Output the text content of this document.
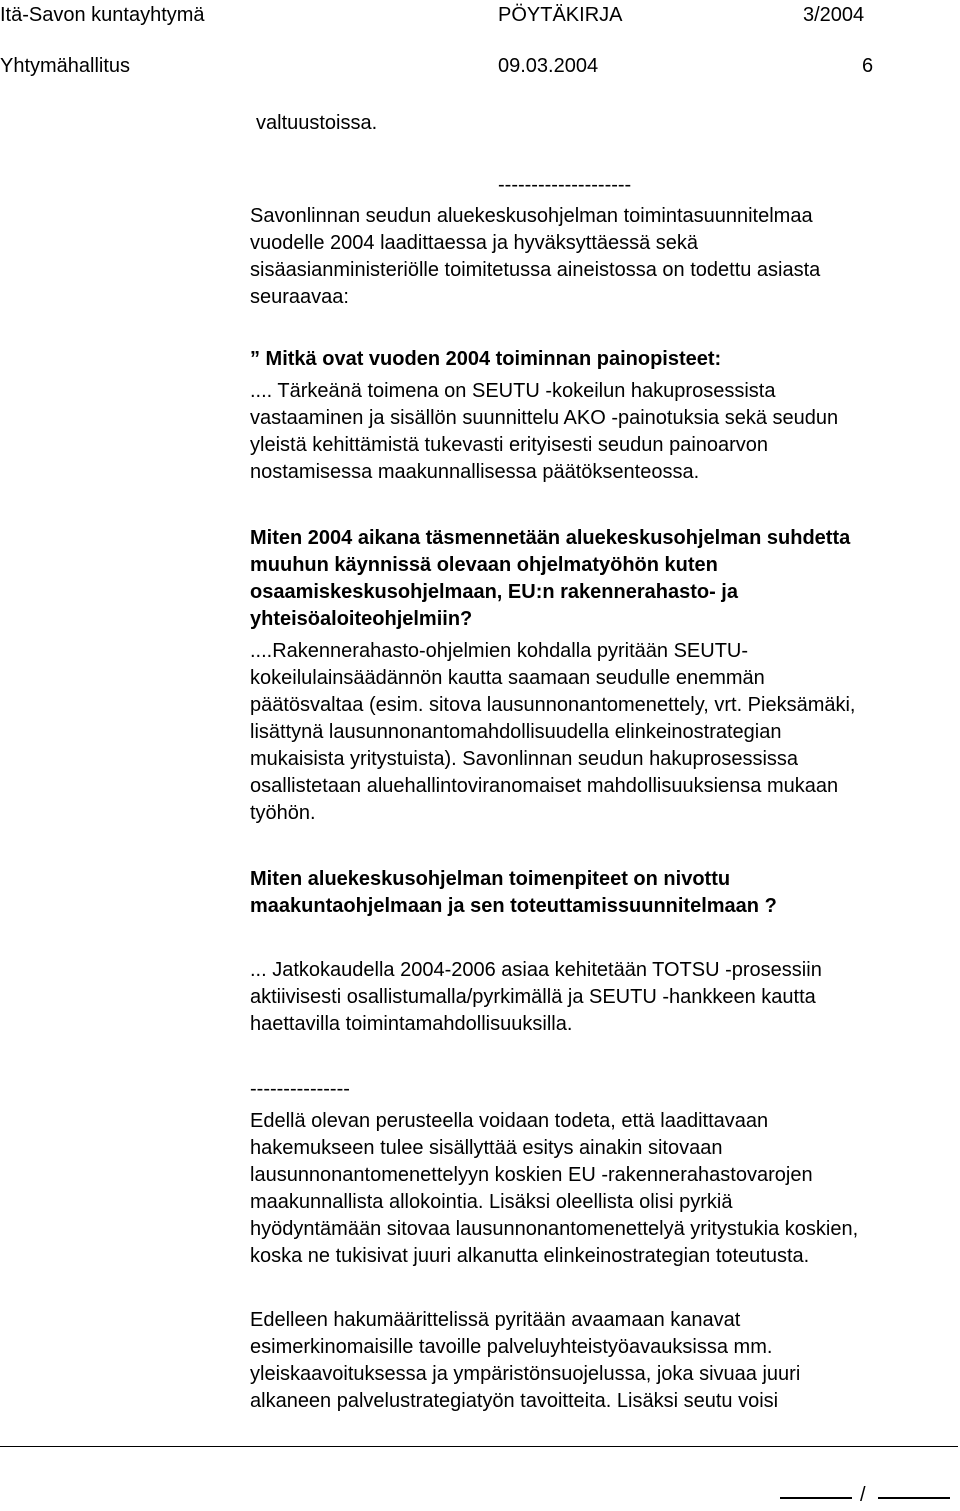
Itä-Savon kuntayhtymä	PÖYTÄKIRJA	3/2004
Yhtymähallitus	09.03.2004	6
valtuustoissa.
--------------------
Savonlinnan seudun aluekeskusohjelman toimintasuunnitelmaa
vuodelle 2004 laadittaessa ja hyväksyttäessä sekä
sisäasianministeriölle toimitetussa aineistossa on todettu asiasta
seuraavaa:
” Mitkä ovat vuoden 2004 toiminnan painopisteet:
.... Tärkeänä toimena on SEUTU -kokeilun hakuprosessista
vastaaminen ja sisällön suunnittelu AKO -painotuksia sekä seudun
yleistä kehittämistä tukevasti erityisesti seudun painoarvon
nostamisessa maakunnallisessa päätöksenteossa.
Miten 2004 aikana täsmennetään aluekeskusohjelman suhdetta
muuhun käynnissä olevaan ohjelmatyöhön kuten
osaamiskeskusohjelmaan, EU:n rakennerahasto- ja
yhteisöaloiteohjelmiin?
....Rakennerahasto-ohjelmien kohdalla pyritään SEUTU-
kokeilulainsäädännön kautta saamaan seudulle enemmän
päätösvaltaa (esim. sitova lausunnonantomenettely, vrt. Pieksämäki,
lisättynä lausunnonantomahdollisuudella elinkeinostrategian
mukaisista yritystuista). Savonlinnan seudun hakuprosessissa
osallistetaan aluehallintoviranomaiset mahdollisuuksiensa mukaan
työhön.
Miten aluekeskusohjelman toimenpiteet on nivottu
maakuntaohjelmaan ja sen toteuttamissuunnitelmaan ?
... Jatkokaudella 2004-2006 asiaa kehitetään TOTSU -prosessiin
aktiivisesti osallistumalla/pyrkimällä ja SEUTU -hankkeen kautta
haettavilla toimintamahdollisuuksilla.
---------------
Edellä olevan perusteella voidaan todeta, että laadittavaan
hakemukseen tulee sisällyttää esitys ainakin sitovaan
lausunnonantomenettelyyn koskien EU -rakennerahastovarojen
maakunnallista allokointia. Lisäksi oleellista olisi pyrkiä
hyödyntämään sitovaa lausunnonantomenettelyä yritystukia koskien,
koska ne tukisivat juuri alkanutta elinkeinostrategian toteutusta.
Edelleen hakumäärittelissä pyritään avaamaan kanavat
esimerkinomaisille tavoille palveluyhteistyöavauksissa mm.
yleiskaavoituksessa ja ympäristönsuojelussa, joka sivuaa juuri
alkaneen palvelustrategiatyön tavoitteita. Lisäksi seutu voisi
/
